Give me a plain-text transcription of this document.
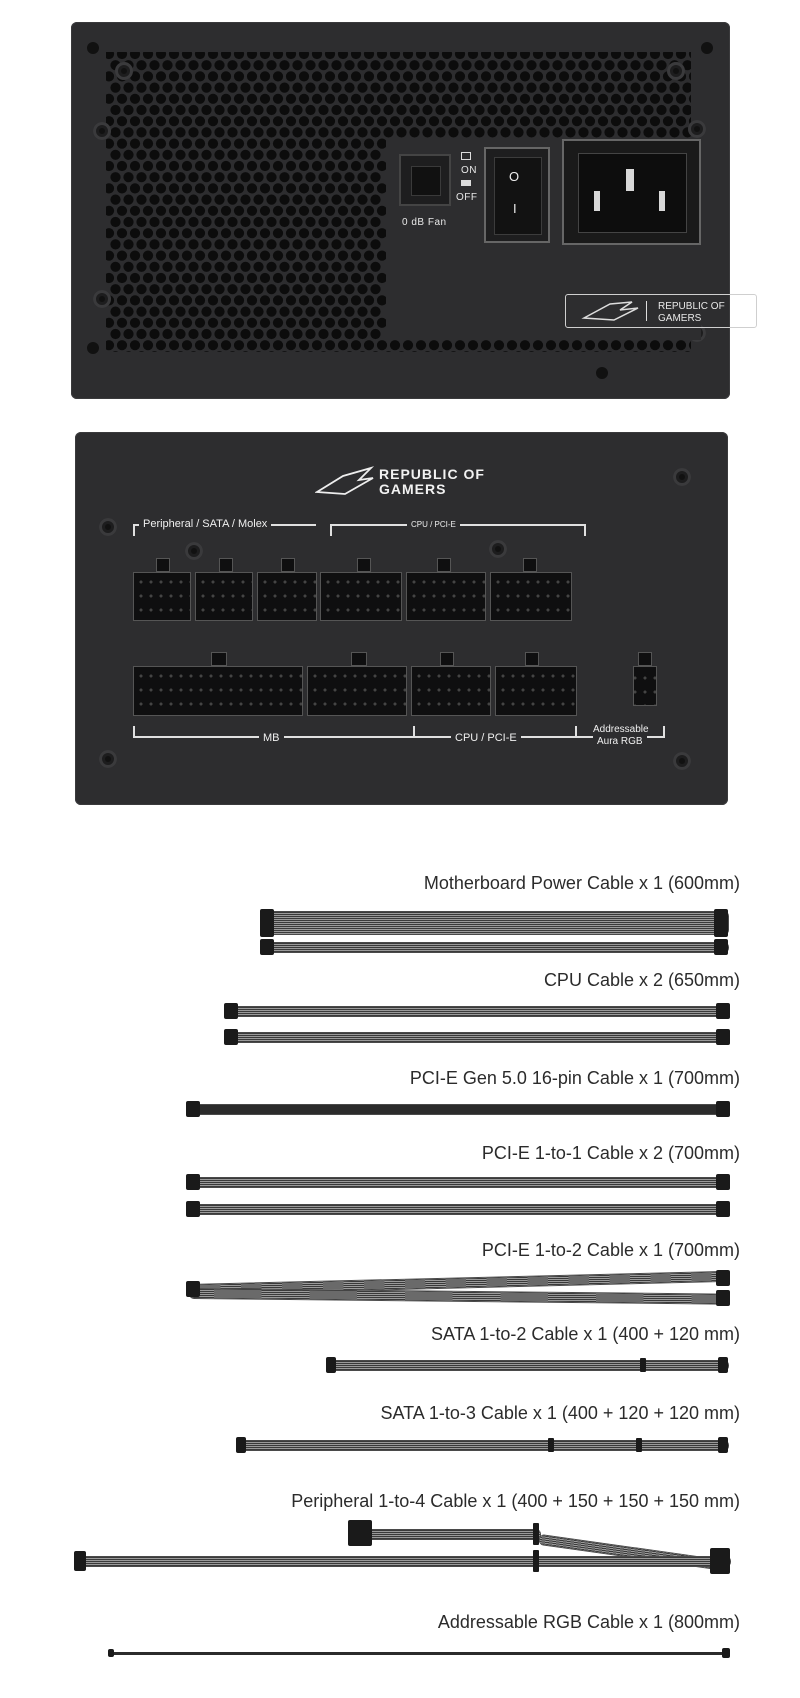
0 dB Fan
ON
OFF
O
I
REPUBLIC OF
GAMERS
REPUBLIC OF
GAMERS
Peripheral / SATA / Molex	CPU / PCI-E
MB	CPU / PCI-E
Addressable
Aura RGB
Motherboard Power Cable x 1 (600mm)
CPU Cable x 2 (650mm)
PCI-E Gen 5.0 16-pin Cable x 1 (700mm)
PCI-E 1-to-1 Cable x 2 (700mm)
PCI-E 1-to-2 Cable x 1 (700mm)
SATA 1-to-2 Cable x 1 (400 + 120 mm)
SATA 1-to-3 Cable x 1 (400 + 120 + 120 mm)
Peripheral 1-to-4 Cable x 1 (400 + 150 + 150 + 150 mm)
Addressable RGB Cable x 1 (800mm)
